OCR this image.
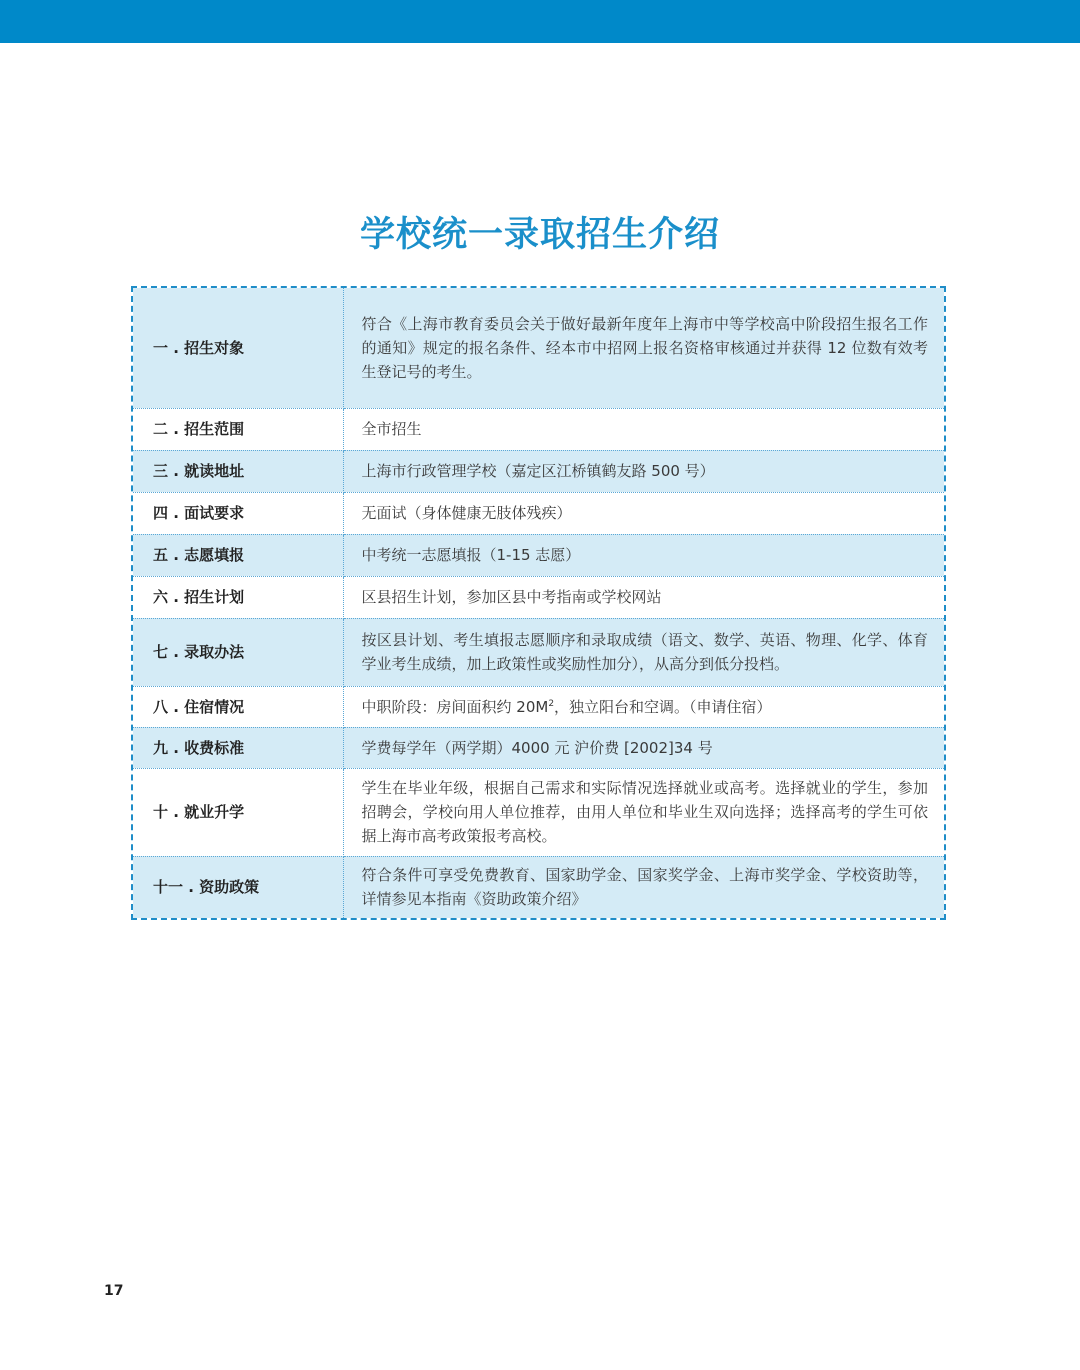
学校统一录取招生介绍
一 . 招生对象	符合《上海市教育委员会关于做好最新年度年上海市中等学校高中阶段招生报名工作的通知》规定的报名条件、经本市中招网上报名资格审核通过并获得 12 位数有效考生登记号的考生。
二 . 招生范围	全市招生
三 . 就读地址	上海市行政管理学校（嘉定区江桥镇鹤友路 500 号）
四 . 面试要求	无面试（身体健康无肢体残疾）
五 . 志愿填报	中考统一志愿填报（1-15 志愿）
六 . 招生计划	区县招生计划，参加区县中考指南或学校网站
七 . 录取办法	按区县计划、考生填报志愿顺序和录取成绩（语文、数学、英语、物理、化学、体育学业考生成绩，加上政策性或奖励性加分），从高分到低分投档。
八 . 住宿情况	中职阶段：房间面积约 $20M^2$，独立阳台和空调。（申请住宿）
九 . 收费标准	学费每学年（两学期）4000 元 沪价费 [2002]34 号
十 . 就业升学	学生在毕业年级，根据自己需求和实际情况选择就业或高考。选择就业的学生，参加招聘会，学校向用人单位推荐，由用人单位和毕业生双向选择；选择高考的学生可依据上海市高考政策报考高校。
十一 . 资助政策	符合条件可享受免费教育、国家助学金、国家奖学金、上海市奖学金、学校资助等，详情参见本指南《资助政策介绍》
17
